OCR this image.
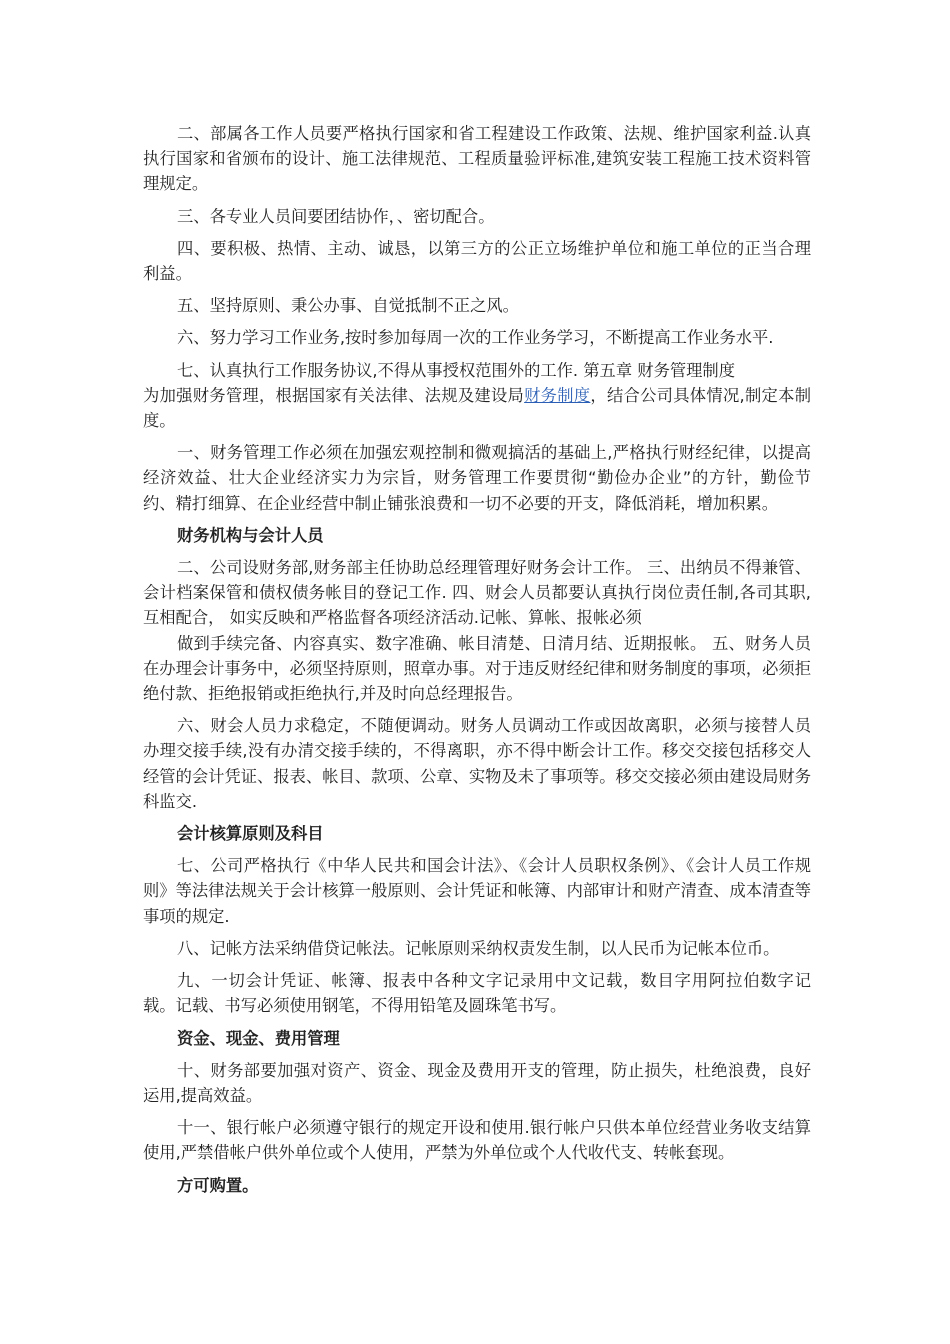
二、部属各工作人员要严格执行国家和省工程建设工作政策、法规、维护国家利益.认真执行国家和省颁布的设计、施工法律规范、工程质量验评标准,建筑安装工程施工技术资料管理规定。

三、各专业人员间要团结协作，、密切配合。

四、要积极、热情、主动、诚恳，以第三方的公正立场维护单位和施工单位的正当合理利益。

五、坚持原则、秉公办事、自觉抵制不正之风。

六、努力学习工作业务,按时参加每周一次的工作业务学习，不断提高工作业务水平.

七、认真执行工作服务协议,不得从事授权范围外的工作. 第五章 财务管理制度

为加强财务管理，根据国家有关法律、法规及建设局财务制度，结合公司具体情况,制定本制度。

一、财务管理工作必须在加强宏观控制和微观搞活的基础上,严格执行财经纪律，以提高经济效益、壮大企业经济实力为宗旨，财务管理工作要贯彻“勤俭办企业”的方针，勤俭节约、精打细算、在企业经营中制止铺张浪费和一切不必要的开支，降低消耗，增加积累。

财务机构与会计人员

二、公司设财务部,财务部主任协助总经理管理好财务会计工作。 三、出纳员不得兼管、会计档案保管和债权债务帐目的登记工作. 四、财会人员都要认真执行岗位责任制,各司其职,互相配合， 如实反映和严格监督各项经济活动.记帐、算帐、报帐必须

做到手续完备、内容真实、数字准确、帐目清楚、日清月结、近期报帐。 五、财务人员在办理会计事务中，必须坚持原则，照章办事。对于违反财经纪律和财务制度的事项，必须拒绝付款、拒绝报销或拒绝执行,并及时向总经理报告。

六、财会人员力求稳定，不随便调动。财务人员调动工作或因故离职，必须与接替人员办理交接手续,没有办清交接手续的，不得离职，亦不得中断会计工作。移交交接包括移交人经管的会计凭证、报表、帐目、款项、公章、实物及未了事项等。移交交接必须由建设局财务科监交.

会计核算原则及科目

七、公司严格执行《中华人民共和国会计法》、《会计人员职权条例》、《会计人员工作规则》等法律法规关于会计核算一般原则、会计凭证和帐簿、内部审计和财产清查、成本清查等事项的规定.

八、记帐方法采纳借贷记帐法。记帐原则采纳权责发生制，以人民币为记帐本位币。

九、一切会计凭证、帐簿、报表中各种文字记录用中文记载，数目字用阿拉伯数字记载。记载、书写必须使用钢笔，不得用铅笔及圆珠笔书写。

资金、现金、费用管理

十、财务部要加强对资产、资金、现金及费用开支的管理，防止损失，杜绝浪费，良好运用,提高效益。

十一、银行帐户必须遵守银行的规定开设和使用.银行帐户只供本单位经营业务收支结算使用,严禁借帐户供外单位或个人使用，严禁为外单位或个人代收代支、转帐套现。

方可购置。
